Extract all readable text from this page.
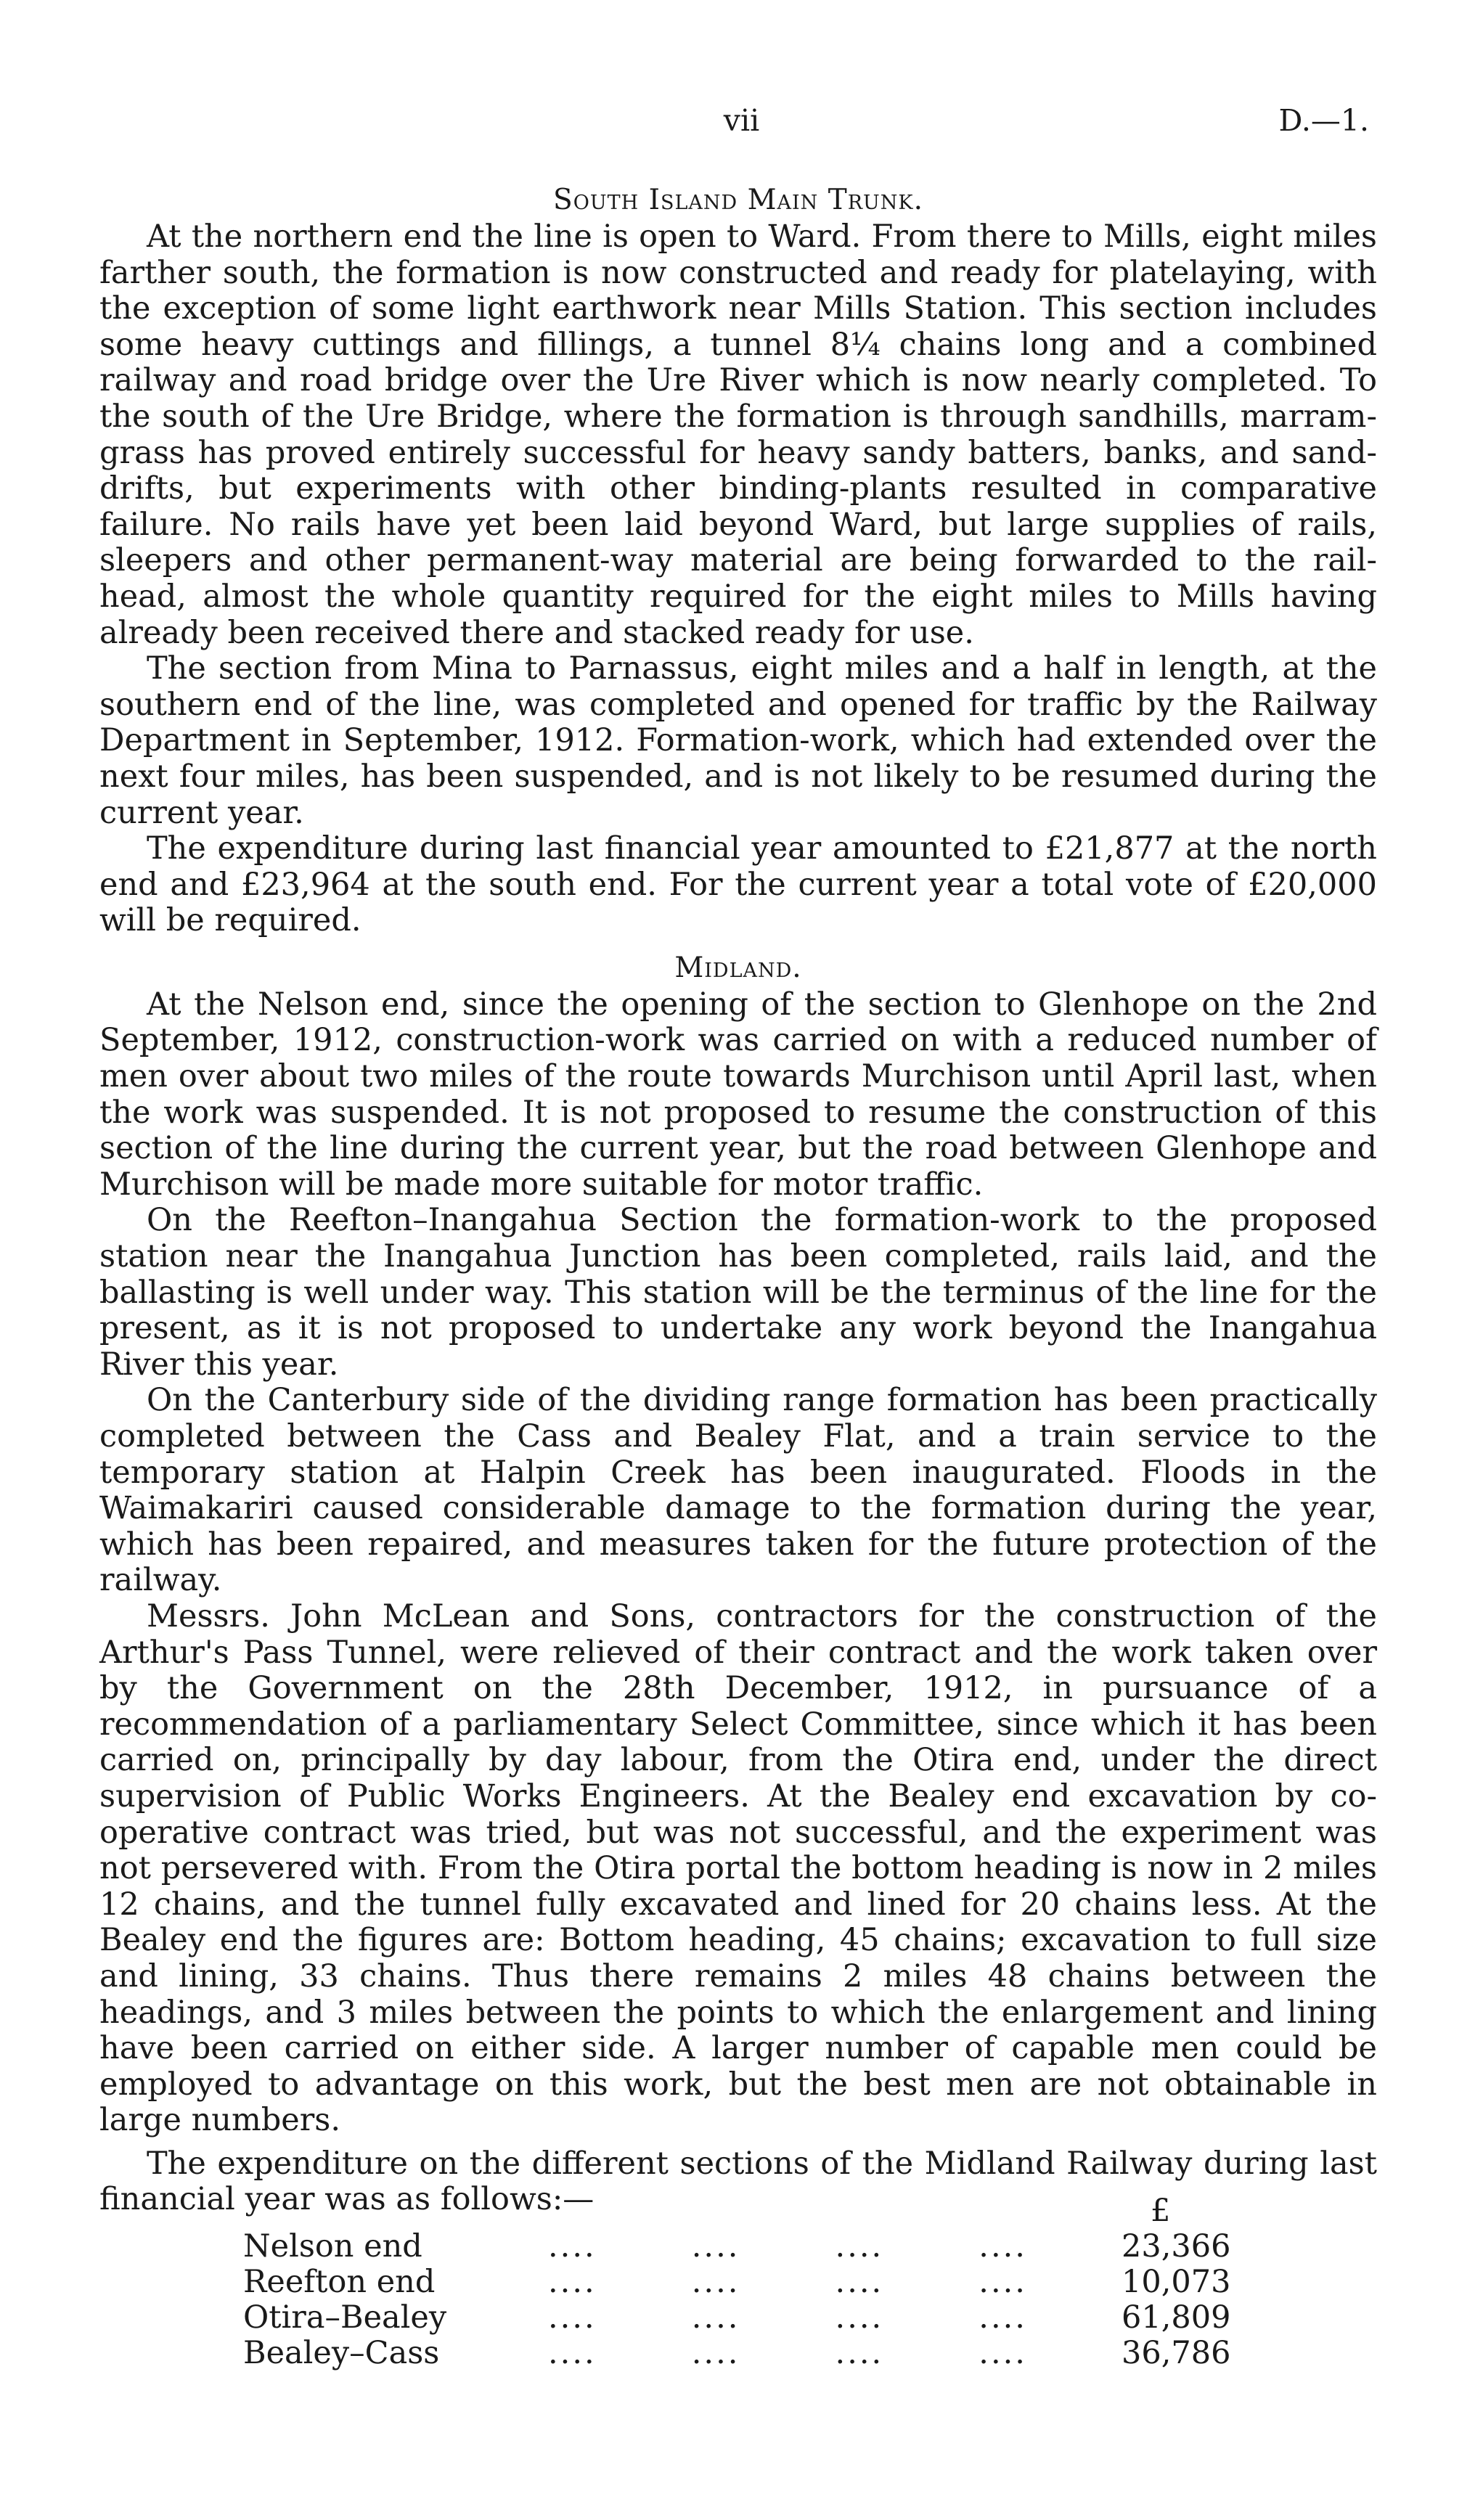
vii	D.—1.
South Island Main Trunk.

At the northern end the line is open to Ward. From there to Mills, eight miles farther south, the formation is now constructed and ready for platelaying, with the exception of some light earthwork near Mills Station. This section includes some heavy cuttings and fillings, a tunnel 8¼ chains long and a combined railway and road bridge over the Ure River which is now nearly completed. To the south of the Ure Bridge, where the formation is through sandhills, marram-grass has proved entirely successful for heavy sandy batters, banks, and sand-drifts, but experiments with other binding-plants resulted in comparative failure. No rails have yet been laid beyond Ward, but large supplies of rails, sleepers and other permanent-way material are being forwarded to the rail-head, almost the whole quantity required for the eight miles to Mills having already been received there and stacked ready for use.

The section from Mina to Parnassus, eight miles and a half in length, at the southern end of the line, was completed and opened for traffic by the Railway Department in September, 1912. Formation-work, which had extended over the next four miles, has been suspended, and is not likely to be resumed during the current year.

The expenditure during last financial year amounted to £21,877 at the north end and £23,964 at the south end. For the current year a total vote of £20,000 will be required.

Midland.

At the Nelson end, since the opening of the section to Glenhope on the 2nd September, 1912, construction-work was carried on with a reduced number of men over about two miles of the route towards Murchison until April last, when the work was suspended. It is not proposed to resume the construction of this section of the line during the current year, but the road between Glenhope and Murchison will be made more suitable for motor traffic.

On the Reefton–Inangahua Section the formation-work to the proposed station near the Inangahua Junction has been completed, rails laid, and the ballasting is well under way. This station will be the terminus of the line for the present, as it is not proposed to undertake any work beyond the Inangahua River this year.

On the Canterbury side of the dividing range formation has been practically completed between the Cass and Bealey Flat, and a train service to the temporary station at Halpin Creek has been inaugurated. Floods in the Waimakariri caused considerable damage to the formation during the year, which has been repaired, and measures taken for the future protection of the railway.

Messrs. John McLean and Sons, contractors for the construction of the Arthur's Pass Tunnel, were relieved of their contract and the work taken over by the Government on the 28th December, 1912, in pursuance of a recommendation of a parliamentary Select Committee, since which it has been carried on, principally by day labour, from the Otira end, under the direct supervision of Public Works Engineers. At the Bealey end excavation by co-operative contract was tried, but was not successful, and the experiment was not persevered with. From the Otira portal the bottom heading is now in 2 miles 12 chains, and the tunnel fully excavated and lined for 20 chains less. At the Bealey end the figures are: Bottom heading, 45 chains; excavation to full size and lining, 33 chains. Thus there remains 2 miles 48 chains between the headings, and 3 miles between the points to which the enlargement and lining have been carried on either side. A larger number of capable men could be employed to advantage on this work, but the best men are not obtainable in large numbers.

The expenditure on the different sections of the Midland Railway during last financial year was as follows:—	£
Nelson end	....	....	....	....	23,366
Reefton end	....	....	....	....	10,073
Otira–Bealey	....	....	....	....	61,809
Bealey–Cass	....	....	....	....	36,786
